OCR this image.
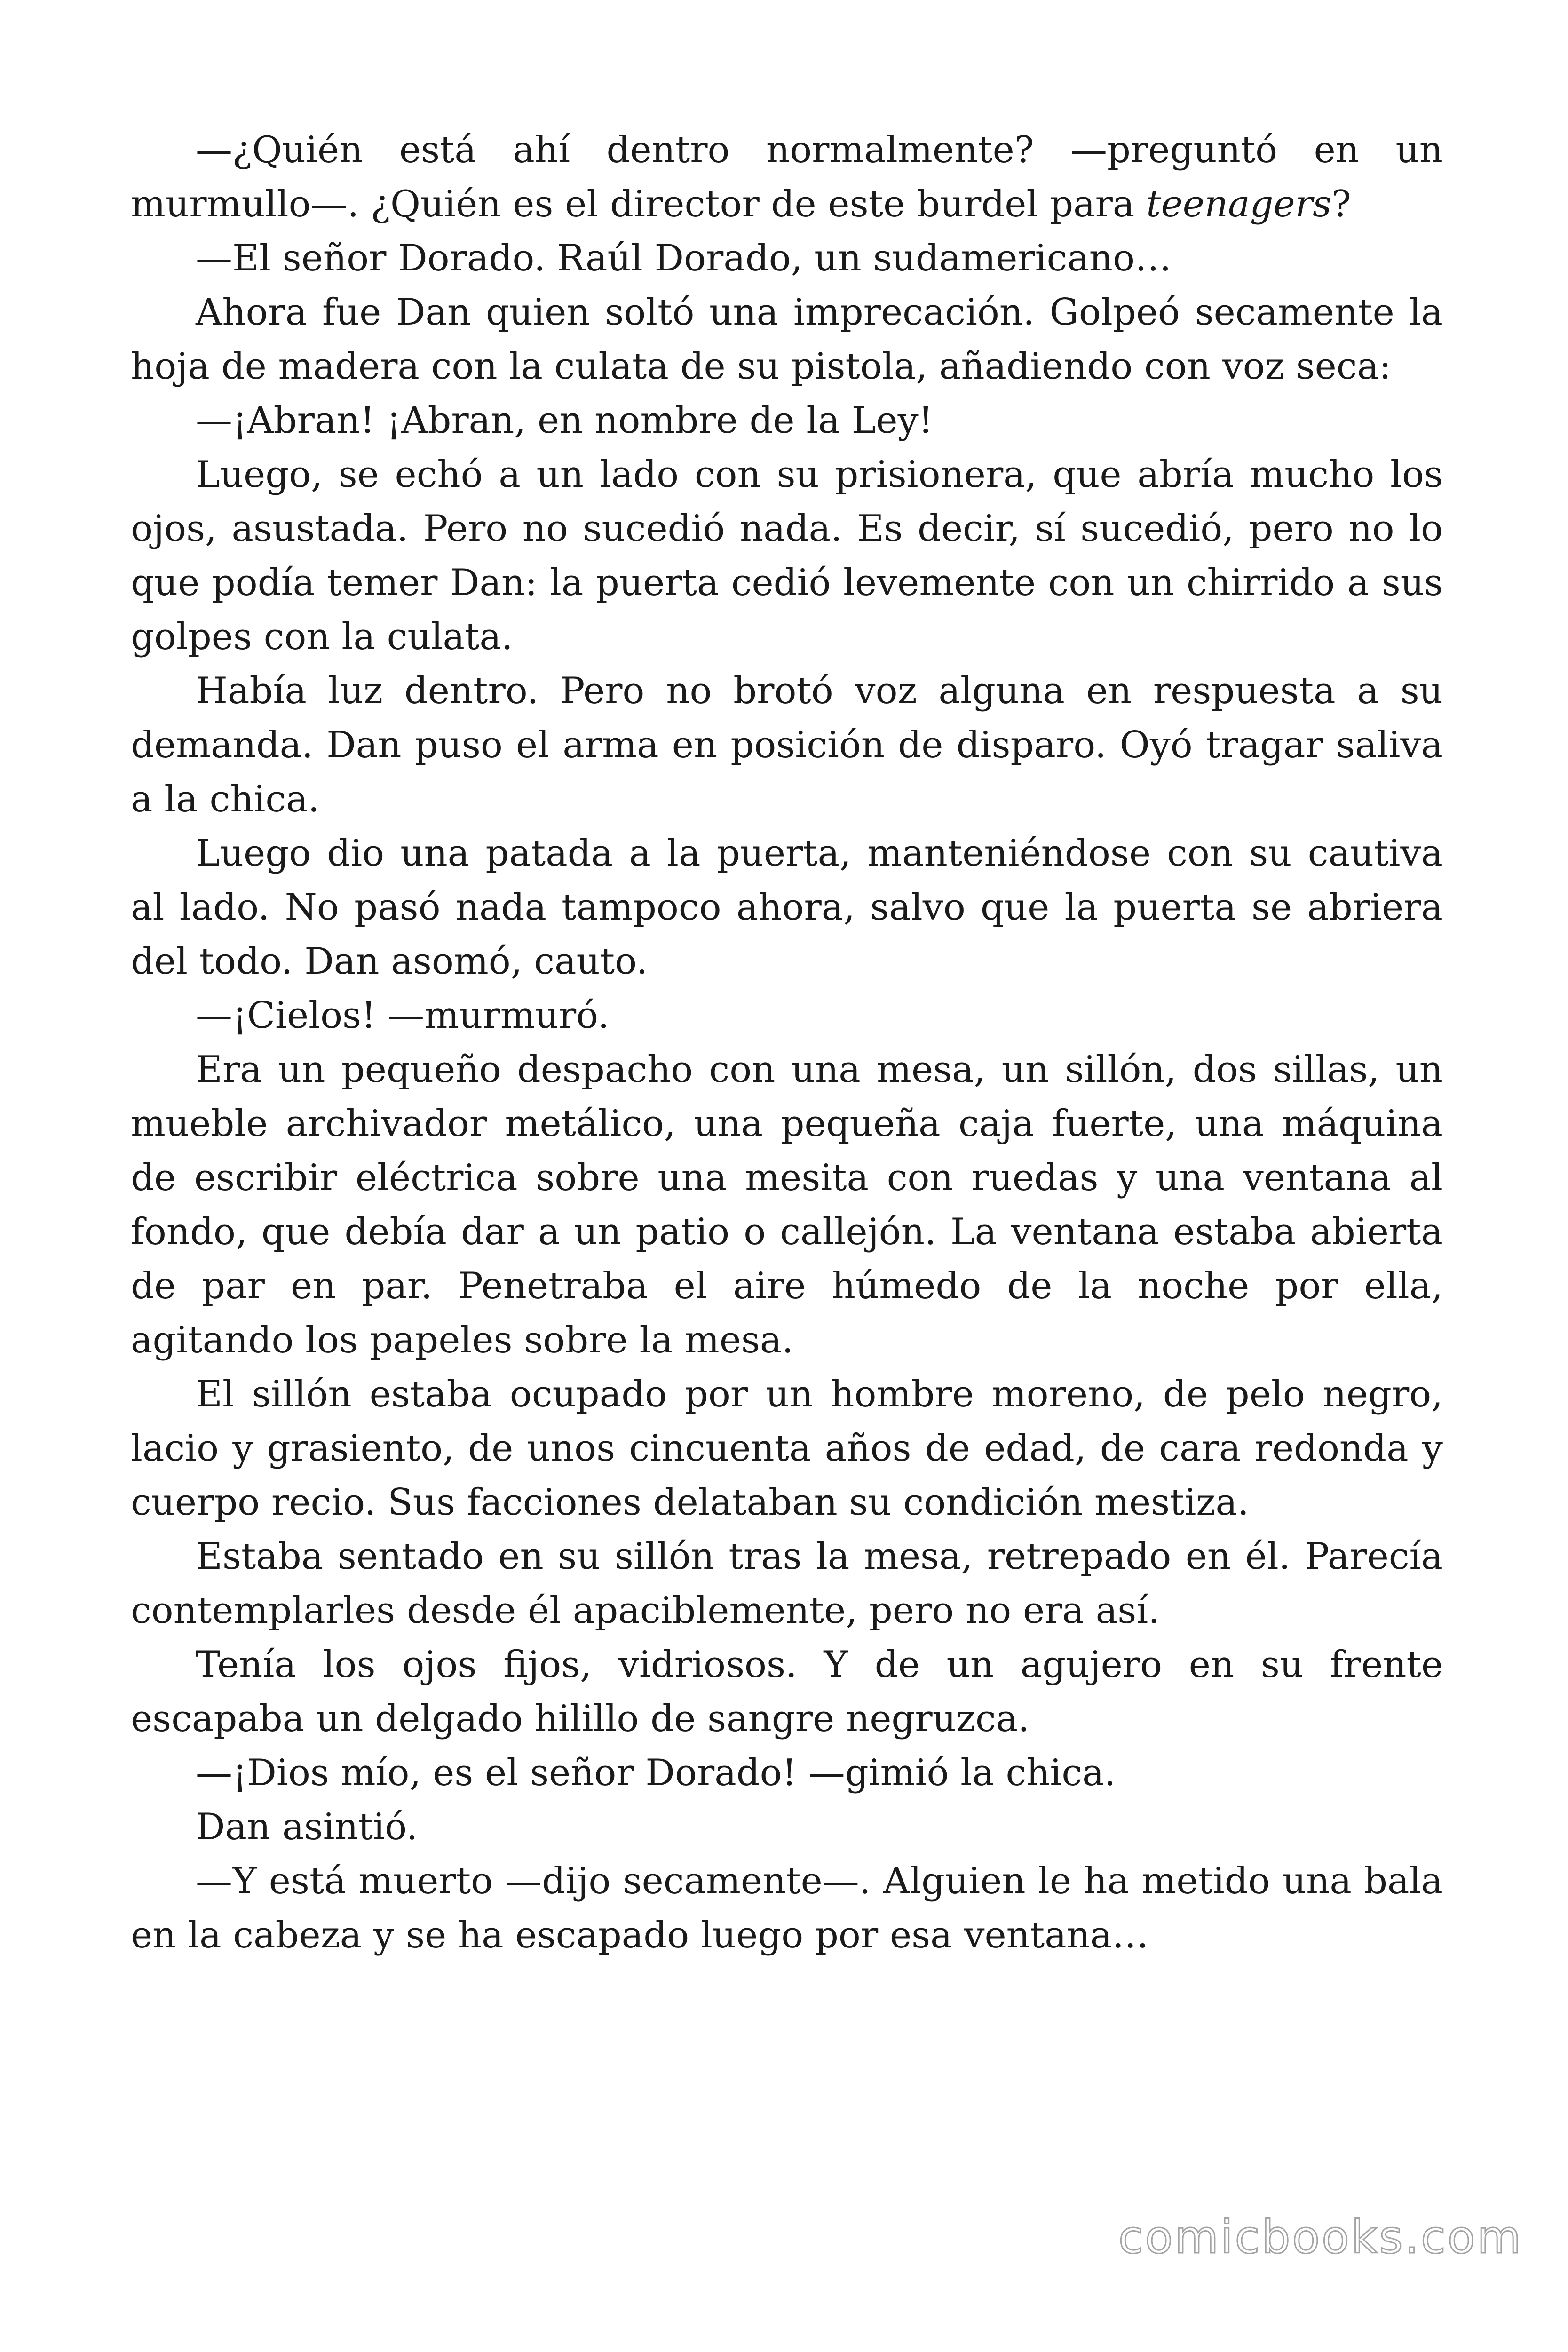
—¿Quién está ahí dentro normalmente? —preguntó en un murmullo—. ¿Quién es el director de este burdel para teenagers?

—El señor Dorado. Raúl Dorado, un sudamericano…

Ahora fue Dan quien soltó una imprecación. Golpeó secamente la hoja de madera con la culata de su pistola, añadiendo con voz seca:

—¡Abran! ¡Abran, en nombre de la Ley!

Luego, se echó a un lado con su prisionera, que abría mucho los ojos, asustada. Pero no sucedió nada. Es decir, sí sucedió, pero no lo que podía temer Dan: la puerta cedió levemente con un chirrido a sus golpes con la culata.

Había luz dentro. Pero no brotó voz alguna en respuesta a su demanda. Dan puso el arma en posición de disparo. Oyó tragar saliva a la chica.

Luego dio una patada a la puerta, manteniéndose con su cautiva al lado. No pasó nada tampoco ahora, salvo que la puerta se abriera del todo. Dan asomó, cauto.

—¡Cielos! —murmuró.

Era un pequeño despacho con una mesa, un sillón, dos sillas, un mueble archivador metálico, una pequeña caja fuerte, una máquina de escribir eléctrica sobre una mesita con ruedas y una ventana al fondo, que debía dar a un patio o callejón. La ventana estaba abierta de par en par. Penetraba el aire húmedo de la noche por ella, agitando los papeles sobre la mesa.

El sillón estaba ocupado por un hombre moreno, de pelo negro, lacio y grasiento, de unos cincuenta años de edad, de cara redonda y cuerpo recio. Sus facciones delataban su condición mestiza.

Estaba sentado en su sillón tras la mesa, retrepado en él. Parecía contemplarles desde él apaciblemente, pero no era así.

Tenía los ojos fijos, vidriosos. Y de un agujero en su frente escapaba un delgado hilillo de sangre negruzca.

—¡Dios mío, es el señor Dorado! —gimió la chica.

Dan asintió.

—Y está muerto —dijo secamente—. Alguien le ha metido una bala en la cabeza y se ha escapado luego por esa ventana…

comicbooks.com
